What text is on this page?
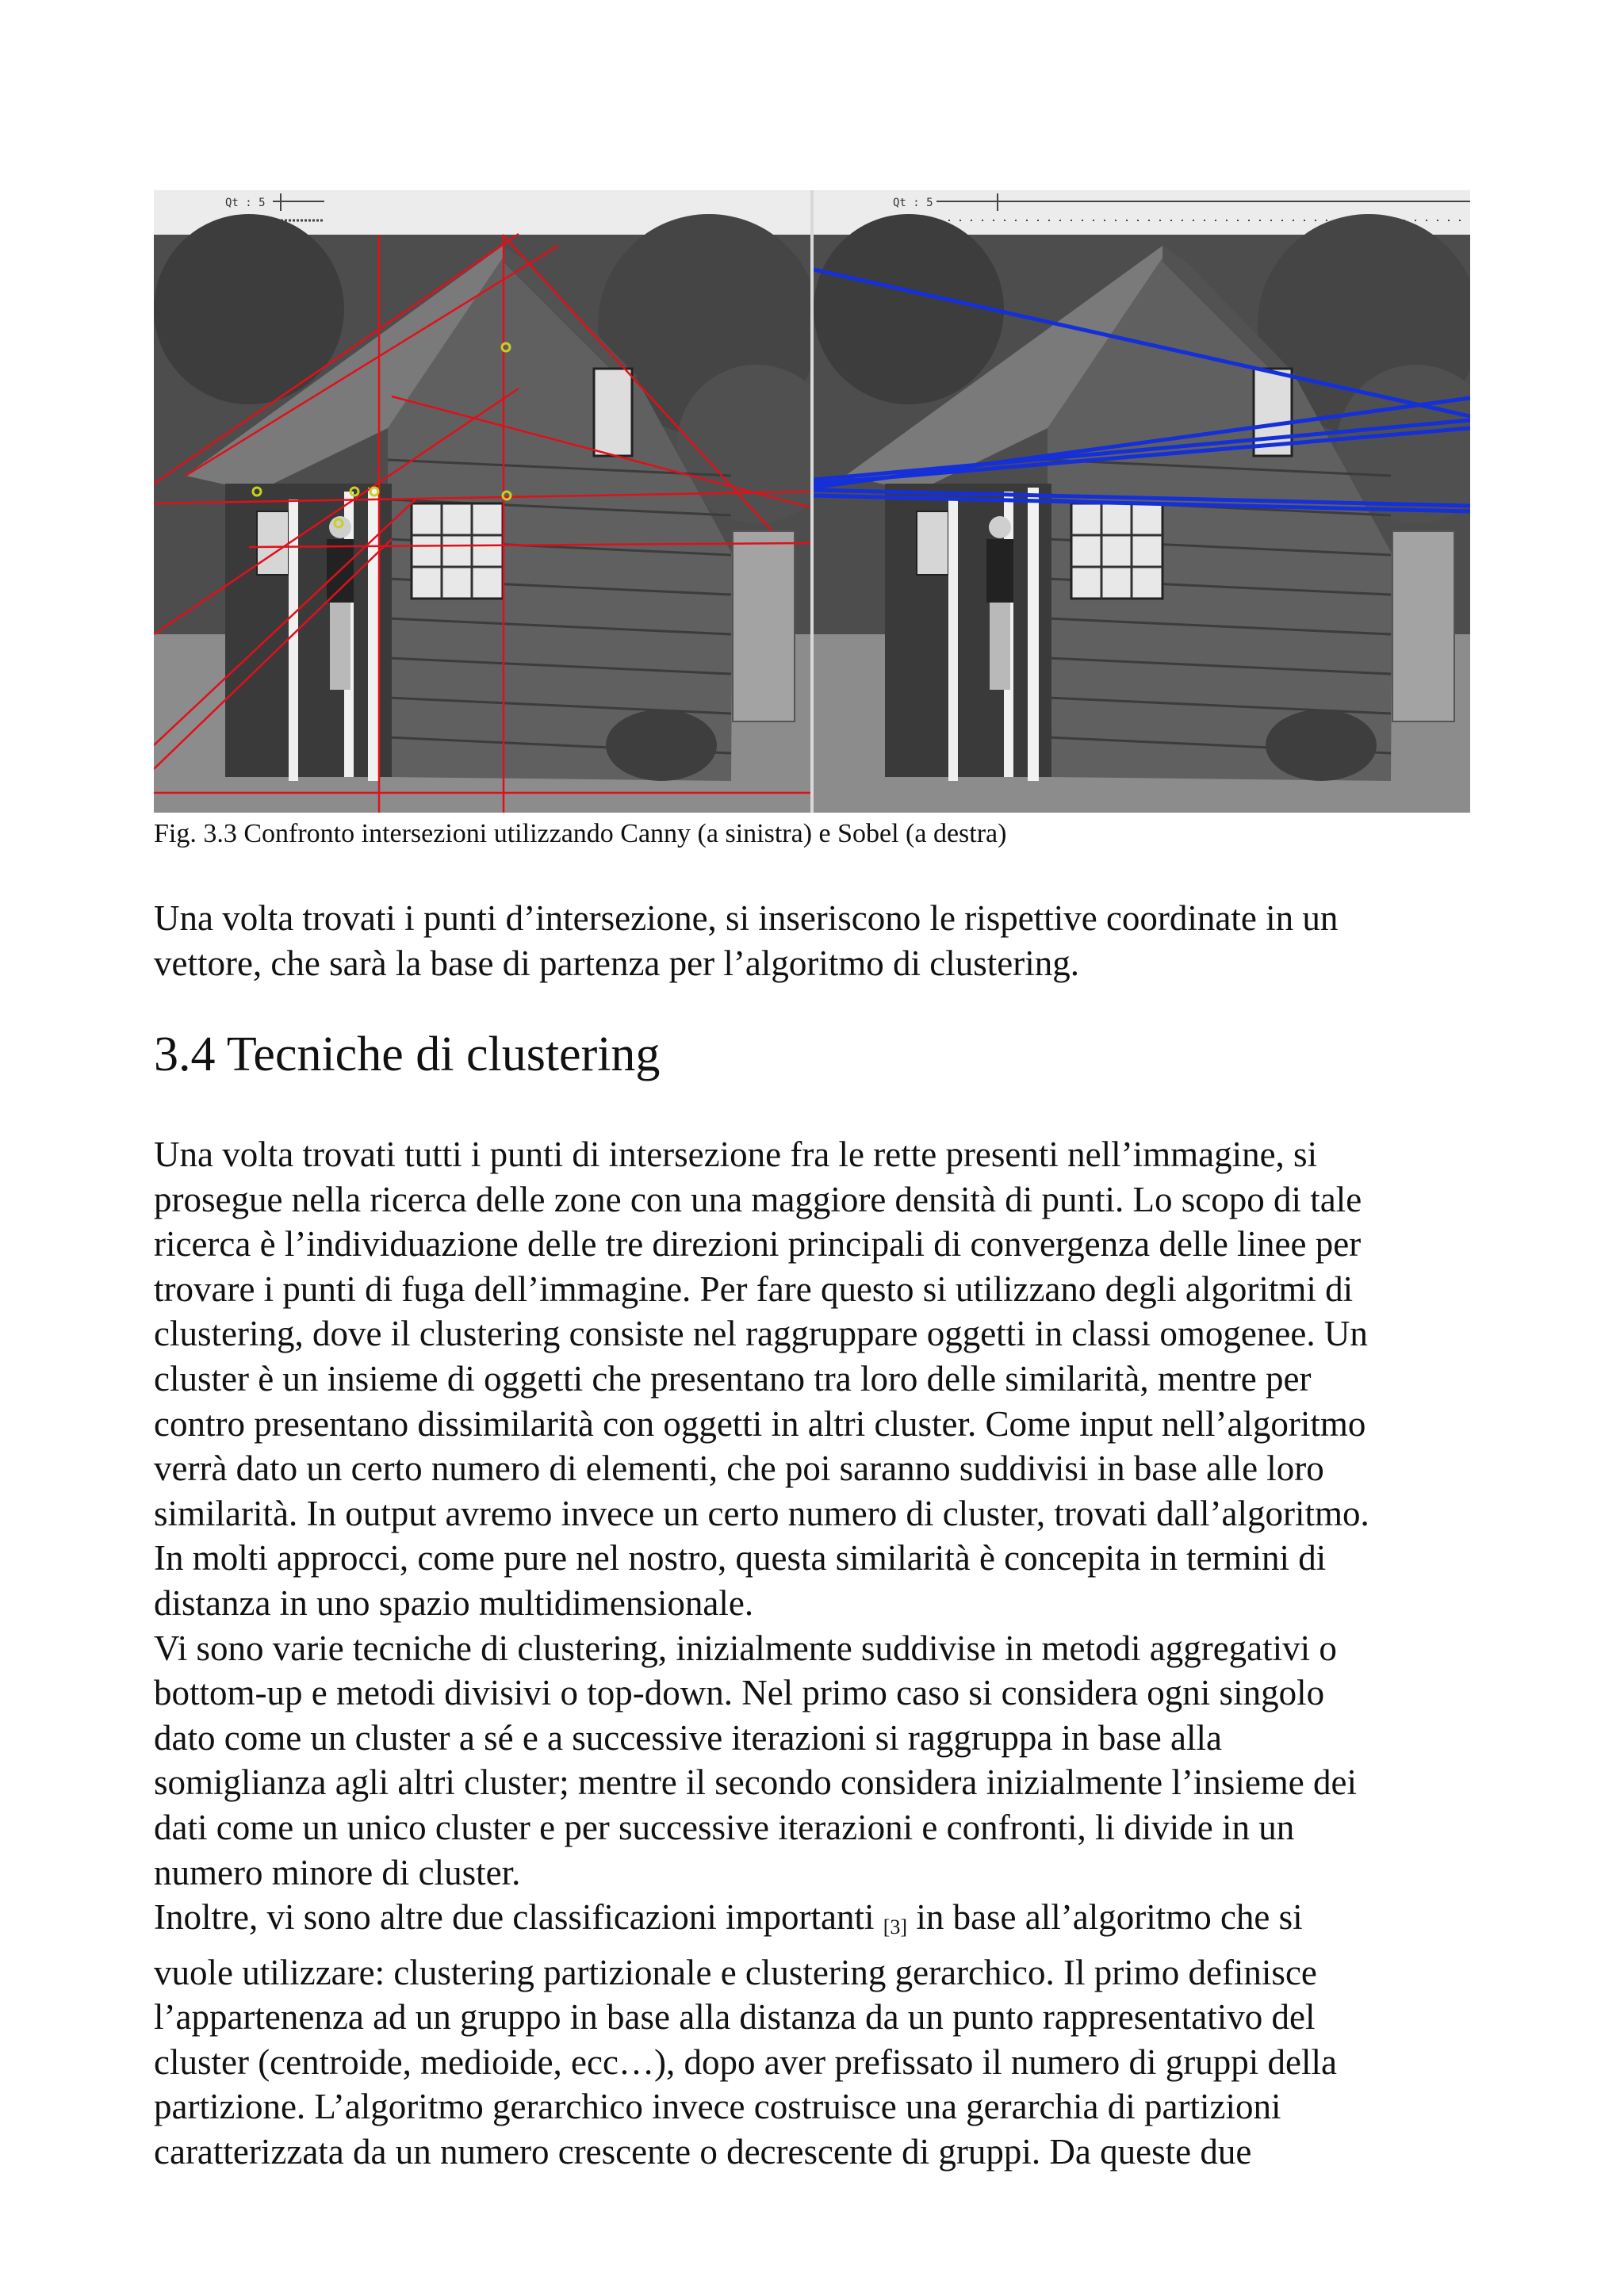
Qt : 5	Qt : 5
Fig. 3.3 Confronto intersezioni utilizzando Canny (a sinistra) e Sobel (a destra)

Una volta trovati i punti d’intersezione, si inseriscono le rispettive coordinate in un
vettore, che sarà la base di partenza per l’algoritmo di clustering.

3.4 Tecniche di clustering

Una volta trovati tutti i punti di intersezione fra le rette presenti nell’immagine, si
prosegue nella ricerca delle zone con una maggiore densità di punti. Lo scopo di tale
ricerca è l’individuazione delle tre direzioni principali di convergenza delle linee per
trovare i punti di fuga dell’immagine. Per fare questo si utilizzano degli algoritmi di
clustering, dove il clustering consiste nel raggruppare oggetti in classi omogenee. Un
cluster è un insieme di oggetti che presentano tra loro delle similarità, mentre per
contro presentano dissimilarità con oggetti in altri cluster. Come input nell’algoritmo
verrà dato un certo numero di elementi, che poi saranno suddivisi in base alle loro
similarità. In output avremo invece un certo numero di cluster, trovati dall’algoritmo.
In molti approcci, come pure nel nostro, questa similarità è concepita in termini di
distanza in uno spazio multidimensionale.
Vi sono varie tecniche di clustering, inizialmente suddivise in metodi aggregativi o
bottom-up e metodi divisivi o top-down. Nel primo caso si considera ogni singolo
dato come un cluster a sé e a successive iterazioni si raggruppa in base alla
somiglianza agli altri cluster; mentre il secondo considera inizialmente l’insieme dei
dati come un unico cluster e per successive iterazioni e confronti, li divide in un
numero minore di cluster.
Inoltre, vi sono altre due classificazioni importanti [3] in base all’algoritmo che si
vuole utilizzare: clustering partizionale e clustering gerarchico. Il primo definisce
l’appartenenza ad un gruppo in base alla distanza da un punto rappresentativo del
cluster (centroide, medioide, ecc…), dopo aver prefissato il numero di gruppi della
partizione. L’algoritmo gerarchico invece costruisce una gerarchia di partizioni
caratterizzata da un numero crescente o decrescente di gruppi. Da queste due
